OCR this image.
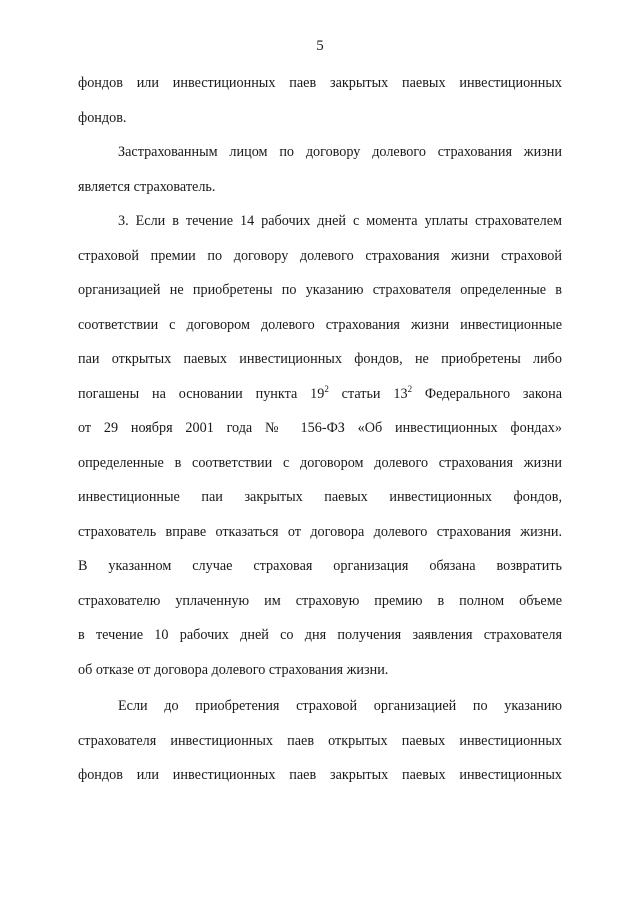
5
фондов или инвестиционных паев закрытых паевых инвестиционных
фондов.
Застрахованным лицом по договору долевого страхования жизни
является страхователь.
3. Если в течение 14 рабочих дней с момента уплаты страхователем
страховой премии по договору долевого страхования жизни страховой
организацией не приобретены по указанию страхователя определенные в
соответствии с договором долевого страхования жизни инвестиционные
паи открытых паевых инвестиционных фондов, не приобретены либо
погашены на основании пункта $19^2$ статьи $13^2$ Федерального закона
от 29 ноября 2001 года № 156-ФЗ «Об инвестиционных фондах»
определенные в соответствии с договором долевого страхования жизни
инвестиционные паи закрытых паевых инвестиционных фондов,
страхователь вправе отказаться от договора долевого страхования жизни.
В указанном случае страховая организация обязана возвратить
страхователю уплаченную им страховую премию в полном объеме
в течение 10 рабочих дней со дня получения заявления страхователя
об отказе от договора долевого страхования жизни.
Если до приобретения страховой организацией по указанию
страхователя инвестиционных паев открытых паевых инвестиционных
фондов или инвестиционных паев закрытых паевых инвестиционных
